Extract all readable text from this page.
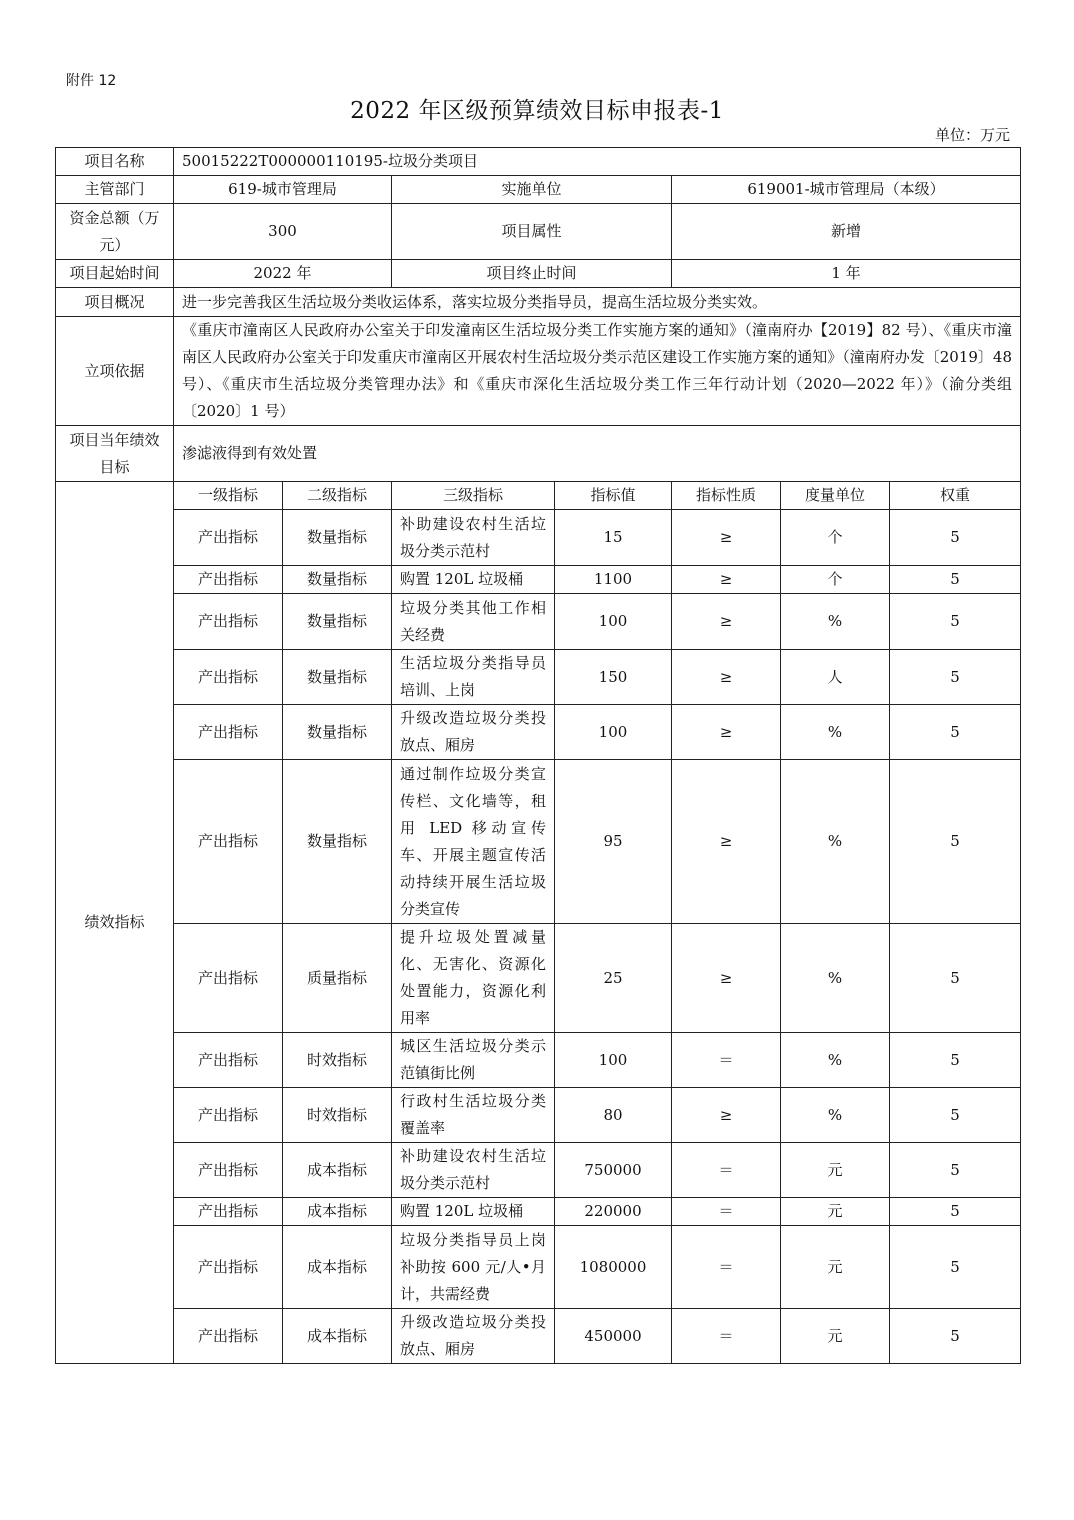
附件 12
2022 年区级预算绩效目标申报表-1
单位：万元
项目名称	50015222T000000110195-垃圾分类项目						
主管部门	619-城市管理局		实施单位		619001-城市管理局（本级）		
资金总额（万元）	300		项目属性		新增		
项目起始时间	2022 年		项目终止时间		1 年		
项目概况	进一步完善我区生活垃圾分类收运体系，落实垃圾分类指导员，提高生活垃圾分类实效。						
立项依据	《重庆市潼南区人民政府办公室关于印发潼南区生活垃圾分类工作实施方案的通知》（潼南府办【2019】82 号）、《重庆市潼南区人民政府办公室关于印发重庆市潼南区开展农村生活垃圾分类示范区建设工作实施方案的通知》（潼南府办发〔2019〕48 号）、《重庆市生活垃圾分类管理办法》和《重庆市深化生活垃圾分类工作三年行动计划（2020—2022 年）》（渝分类组〔2020〕1 号）						
项目当年绩效目标	渗滤液得到有效处置						
绩效指标	一级指标	二级指标	三级指标	指标值	指标性质	度量单位	权重
	产出指标	数量指标	补助建设农村生活垃圾分类示范村	15	≥	个	5
	产出指标	数量指标	购置 120L 垃圾桶	1100	≥	个	5
	产出指标	数量指标	垃圾分类其他工作相关经费	100	≥	%	5
	产出指标	数量指标	生活垃圾分类指导员培训、上岗	150	≥	人	5
	产出指标	数量指标	升级改造垃圾分类投放点、厢房	100	≥	%	5
	产出指标	数量指标	通过制作垃圾分类宣传栏、文化墙等，租用 LED 移动宣传车、开展主题宣传活动持续开展生活垃圾分类宣传	95	≥	%	5
	产出指标	质量指标	提升垃圾处置减量化、无害化、资源化处置能力，资源化利用率	25	≥	%	5
	产出指标	时效指标	城区生活垃圾分类示范镇街比例	100	＝	%	5
	产出指标	时效指标	行政村生活垃圾分类覆盖率	80	≥	%	5
	产出指标	成本指标	补助建设农村生活垃圾分类示范村	750000	＝	元	5
	产出指标	成本指标	购置 120L 垃圾桶	220000	＝	元	5
	产出指标	成本指标	垃圾分类指导员上岗补助按 600 元/人•月计，共需经费	1080000	＝	元	5
	产出指标	成本指标	升级改造垃圾分类投放点、厢房	450000	＝	元	5
